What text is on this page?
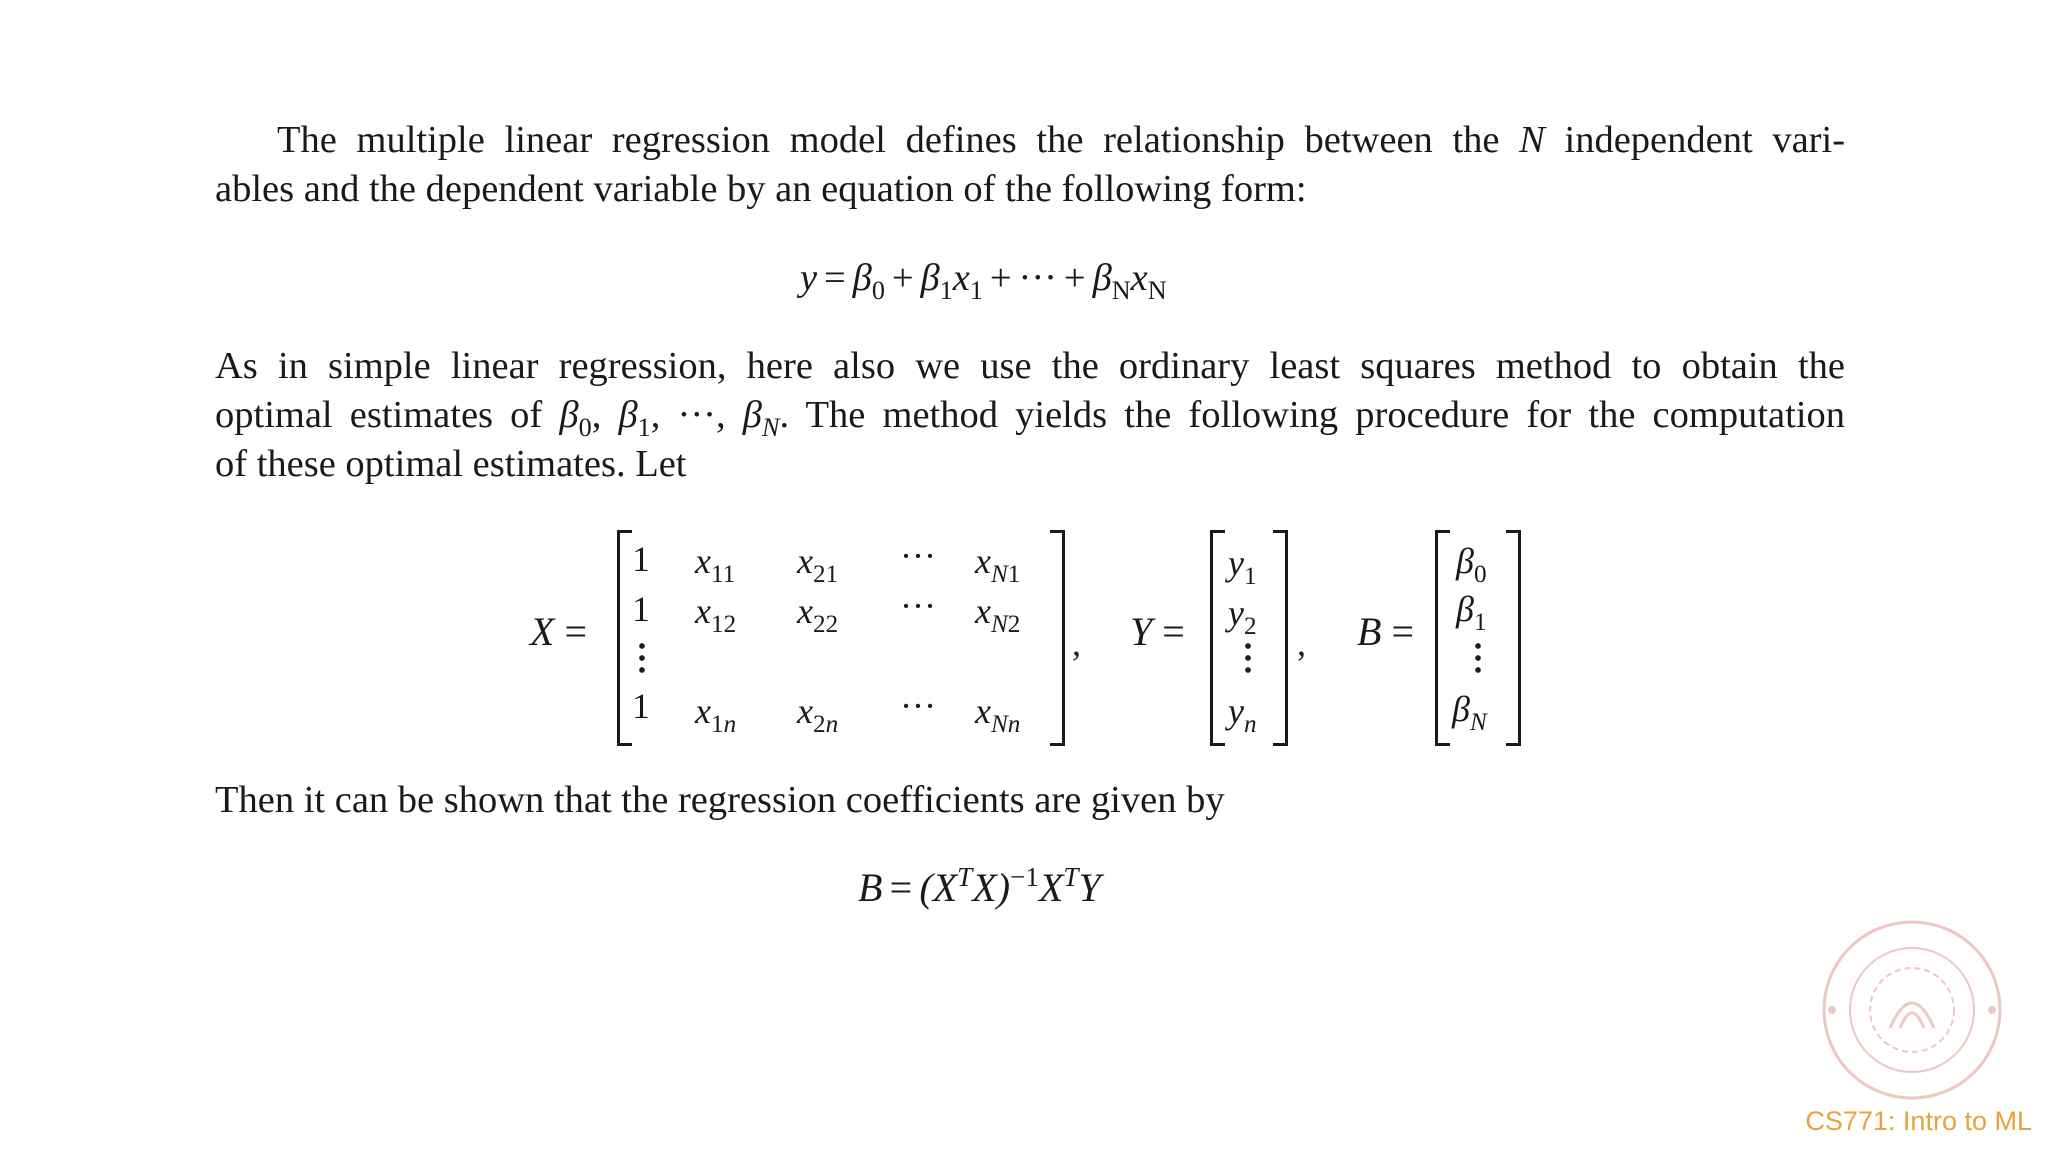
The multiple linear regression model defines the relationship between the N independent vari-
ables and the dependent variable by an equation of the following form:

$y = \beta_0 + \beta_1x_1$ + ··· + $\beta_Nx_N$

As in simple linear regression, here also we use the ordinary least squares method to obtain the
optimal estimates of $\beta_0$, $\beta_1$, ···, $\beta_N$. The method yields the following procedure for the computation
of these optimal estimates. Let

X =
1 $x_{11}$ $x_{21}$ ··· $x_{N1}$
1 $x_{12}$ $x_{22}$ ··· $x_{N2}$
1 $x_{1n}$ $x_{2n}$ ··· $x_{Nn}$
, Y =
$y_1$
$y_2$
$y_n$
, B =
$\beta_0$
$\beta_1$
$\beta_N$

Then it can be shown that the regression coefficients are given by

$B = (X^TX)^{-1}X^TY$
CS771: Intro to ML
